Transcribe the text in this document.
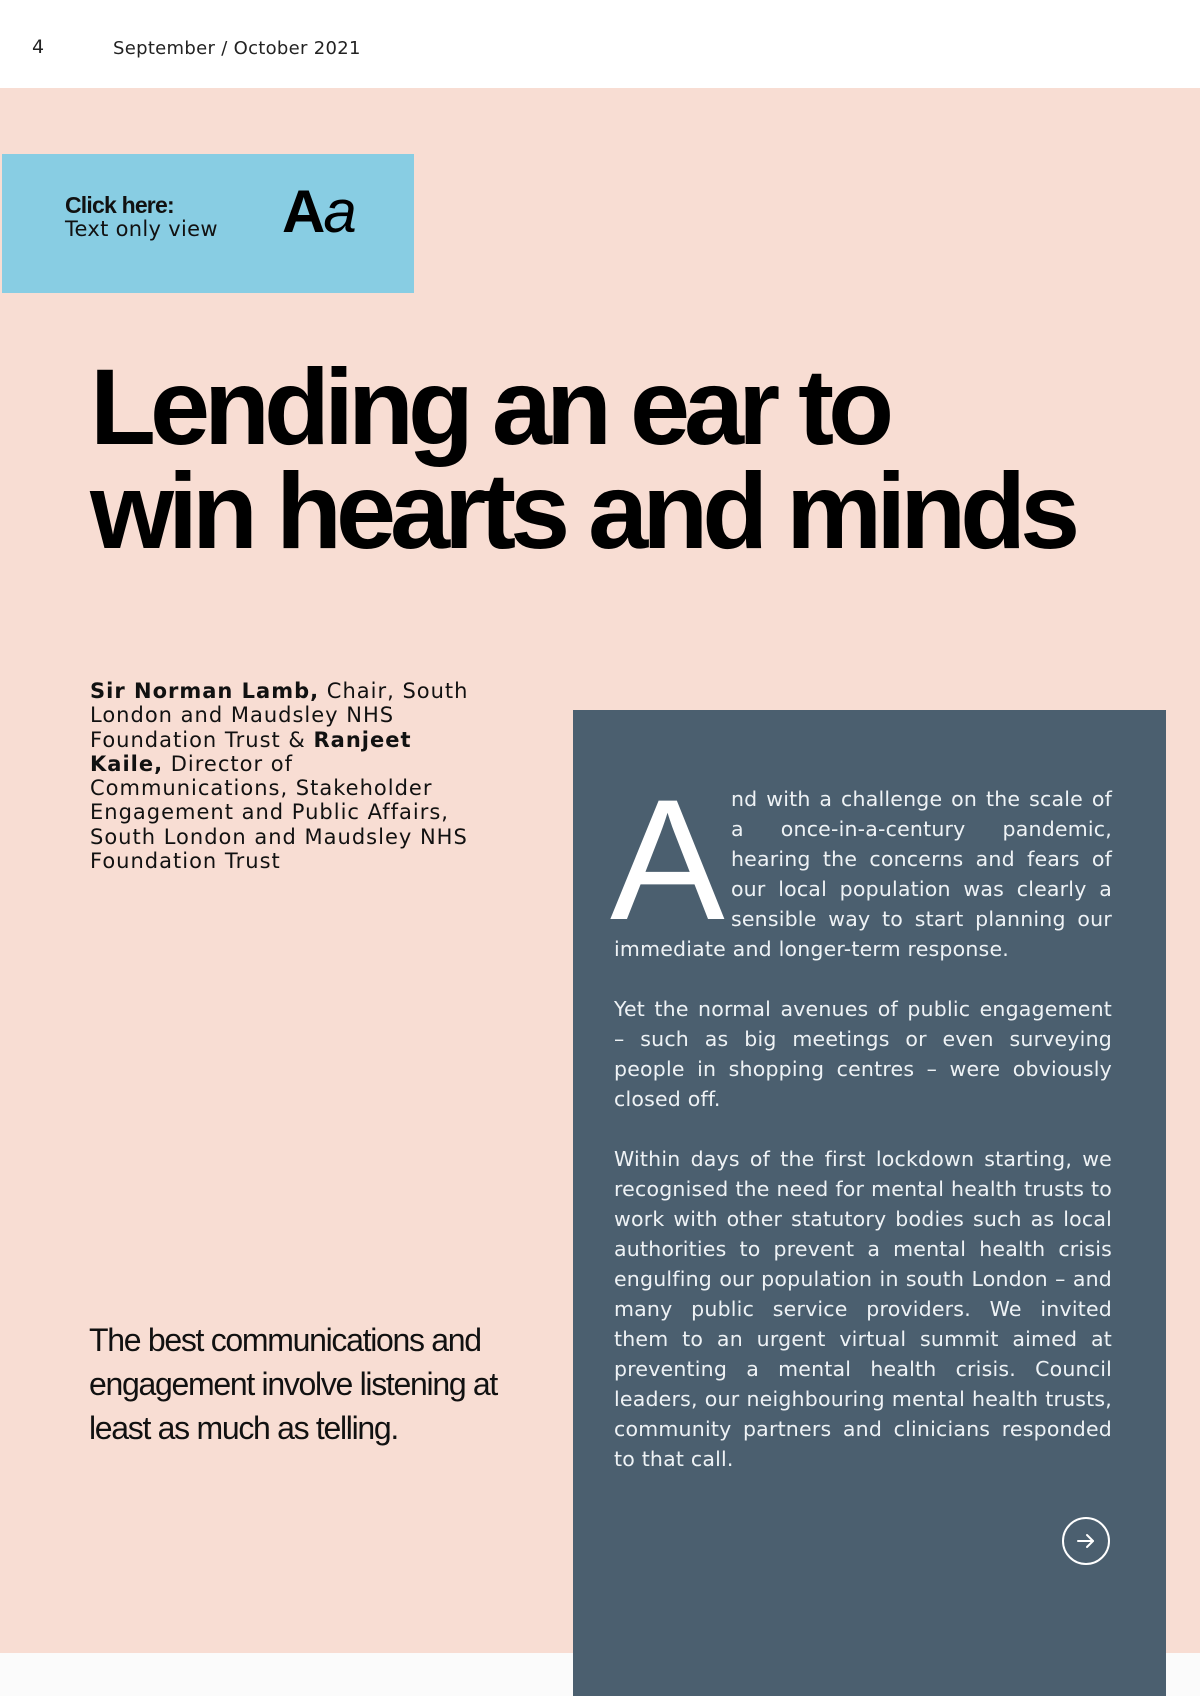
4	September / October 2021
Click here:
Text only view Aa
Lending an ear to
win hearts and minds

Sir Norman Lamb, Chair, South London and Maudsley NHS Foundation Trust & Ranjeet Kaile, Director of Communications, Stakeholder Engagement and Public Affairs, South London and Maudsley NHS Foundation Trust

The best communications and engagement involve listening at least as much as telling.

And with a challenge on the scale of a once-in-a-century pandemic, hearing the concerns and fears of our local population was clearly a sensible way to start planning our immediate and longer-term response.

Yet the normal avenues of public engagement – such as big meetings or even surveying people in shopping centres – were obviously closed off.

Within days of the first lockdown starting, we recognised the need for mental health trusts to work with other statutory bodies such as local authorities to prevent a mental health crisis engulfing our population in south London – and many public service providers. We invited them to an urgent virtual summit aimed at preventing a mental health crisis. Council leaders, our neighbouring mental health trusts, community partners and clinicians responded to that call.
